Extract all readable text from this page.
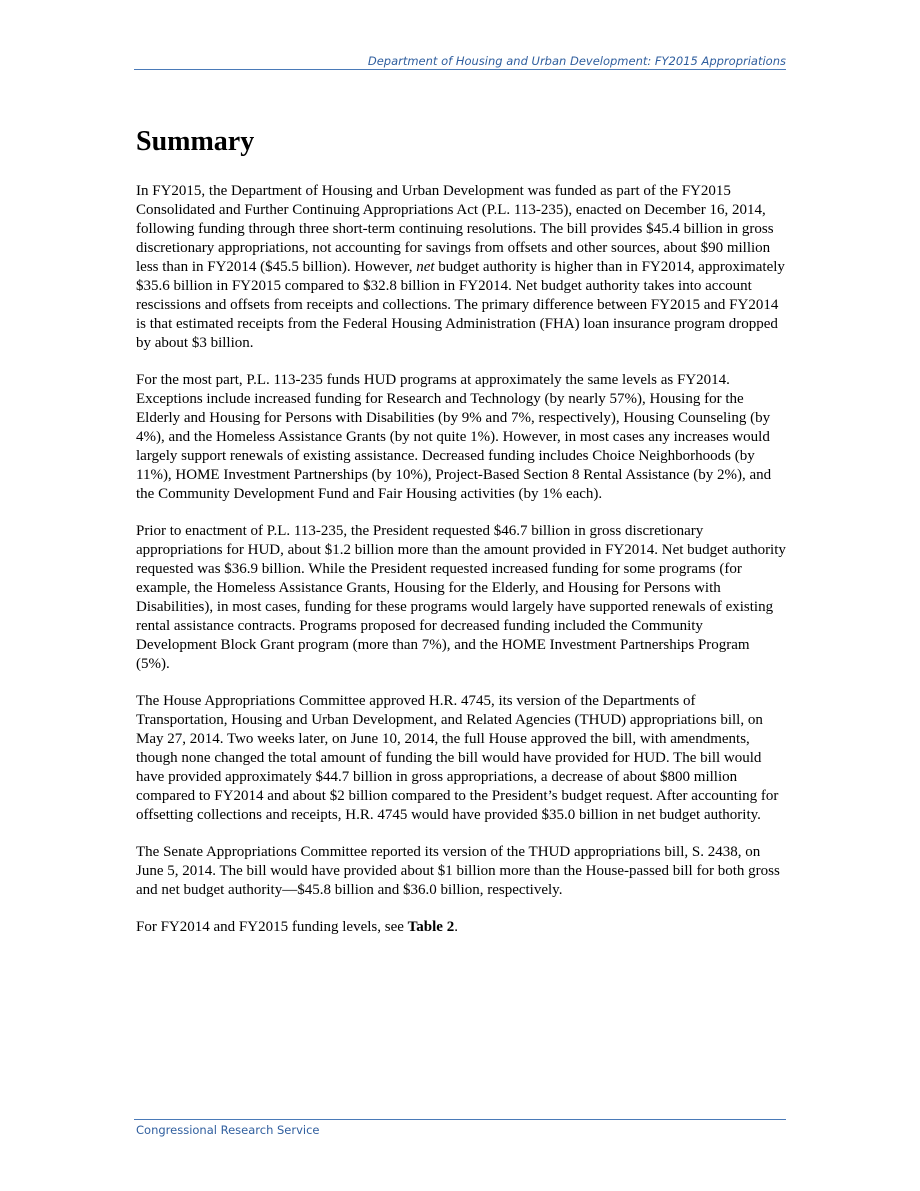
Department of Housing and Urban Development: FY2015 Appropriations
Summary

In FY2015, the Department of Housing and Urban Development was funded as part of the FY2015 Consolidated and Further Continuing Appropriations Act (P.L. 113-235), enacted on December 16, 2014, following funding through three short-term continuing resolutions. The bill provides $45.4 billion in gross discretionary appropriations, not accounting for savings from offsets and other sources, about $90 million less than in FY2014 ($45.5 billion). However, net budget authority is higher than in FY2014, approximately $35.6 billion in FY2015 compared to $32.8 billion in FY2014. Net budget authority takes into account rescissions and offsets from receipts and collections. The primary difference between FY2015 and FY2014 is that estimated receipts from the Federal Housing Administration (FHA) loan insurance program dropped by about $3 billion.

For the most part, P.L. 113-235 funds HUD programs at approximately the same levels as FY2014. Exceptions include increased funding for Research and Technology (by nearly 57%), Housing for the Elderly and Housing for Persons with Disabilities (by 9% and 7%, respectively), Housing Counseling (by 4%), and the Homeless Assistance Grants (by not quite 1%). However, in most cases any increases would largely support renewals of existing assistance. Decreased funding includes Choice Neighborhoods (by 11%), HOME Investment Partnerships (by 10%), Project-Based Section 8 Rental Assistance (by 2%), and the Community Development Fund and Fair Housing activities (by 1% each).

Prior to enactment of P.L. 113-235, the President requested $46.7 billion in gross discretionary appropriations for HUD, about $1.2 billion more than the amount provided in FY2014. Net budget authority requested was $36.9 billion. While the President requested increased funding for some programs (for example, the Homeless Assistance Grants, Housing for the Elderly, and Housing for Persons with Disabilities), in most cases, funding for these programs would largely have supported renewals of existing rental assistance contracts. Programs proposed for decreased funding included the Community Development Block Grant program (more than 7%), and the HOME Investment Partnerships Program (5%).

The House Appropriations Committee approved H.R. 4745, its version of the Departments of Transportation, Housing and Urban Development, and Related Agencies (THUD) appropriations bill, on May 27, 2014. Two weeks later, on June 10, 2014, the full House approved the bill, with amendments, though none changed the total amount of funding the bill would have provided for HUD. The bill would have provided approximately $44.7 billion in gross appropriations, a decrease of about $800 million compared to FY2014 and about $2 billion compared to the President’s budget request. After accounting for offsetting collections and receipts, H.R. 4745 would have provided $35.0 billion in net budget authority.

The Senate Appropriations Committee reported its version of the THUD appropriations bill, S. 2438, on June 5, 2014. The bill would have provided about $1 billion more than the House-passed bill for both gross and net budget authority—$45.8 billion and $36.0 billion, respectively.

For FY2014 and FY2015 funding levels, see Table 2.

Congressional Research Service
